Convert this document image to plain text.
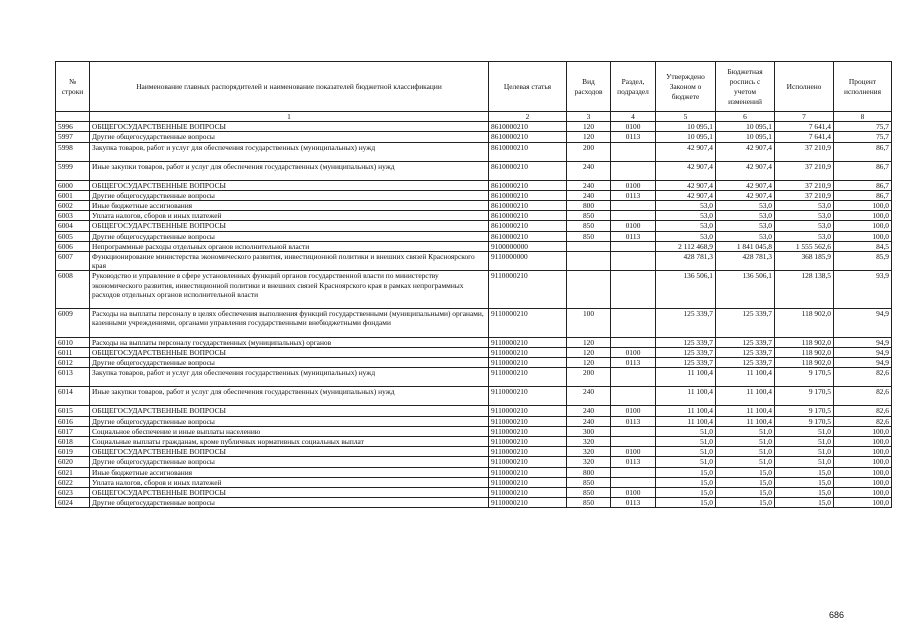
№ строки	Наименование главных распорядителей и наименование показателей бюджетной классификации	Целевая статья	Вид расходов	Раздел, подраздел	Утверждено Законом о бюджете	Бюджетная роспись с учетом изменений	Исполнено	Процент исполнения
	1	2	3	4	5	6	7	8
5996	ОБЩЕГОСУДАРСТВЕННЫЕ ВОПРОСЫ	8610000210	120	0100	10 095,1	10 095,1	7 641,4	75,7
5997	Другие общегосударственные вопросы	8610000210	120	0113	10 095,1	10 095,1	7 641,4	75,7
5998	Закупка товаров, работ и услуг для обеспечения государственных (муниципальных) нужд	8610000210	200		42 907,4	42 907,4	37 210,9	86,7
5999	Иные закупки товаров, работ и услуг для обеспечения государственных (муниципальных) нужд	8610000210	240		42 907,4	42 907,4	37 210,9	86,7
6000	ОБЩЕГОСУДАРСТВЕННЫЕ ВОПРОСЫ	8610000210	240	0100	42 907,4	42 907,4	37 210,9	86,7
6001	Другие общегосударственные вопросы	8610000210	240	0113	42 907,4	42 907,4	37 210,9	86,7
6002	Иные бюджетные ассигнования	8610000210	800		53,0	53,0	53,0	100,0
6003	Уплата налогов, сборов и иных платежей	8610000210	850		53,0	53,0	53,0	100,0
6004	ОБЩЕГОСУДАРСТВЕННЫЕ ВОПРОСЫ	8610000210	850	0100	53,0	53,0	53,0	100,0
6005	Другие общегосударственные вопросы	8610000210	850	0113	53,0	53,0	53,0	100,0
6006	Непрограммные расходы отдельных органов исполнительной власти	9100000000			2 112 468,9	1 841 045,8	1 555 562,6	84,5
6007	Функционирование министерства экономического развития, инвестиционной политики и внешних связей Красноярского края	9110000000			428 781,3	428 781,3	368 185,9	85,9
6008	Руководство и управление в сфере установленных функций органов государственной власти по министерству экономического развития, инвестиционной политики и внешних связей Красноярского края в рамках непрограммных расходов отдельных органов исполнительной власти	9110000210			136 506,1	136 506,1	128 138,5	93,9
6009	Расходы на выплаты персоналу в целях обеспечения выполнения функций государственными (муниципальными) органами, казенными учреждениями, органами управления государственными внебюджетными фондами	9110000210	100		125 339,7	125 339,7	118 902,0	94,9
6010	Расходы на выплаты персоналу государственных (муниципальных) органов	9110000210	120		125 339,7	125 339,7	118 902,0	94,9
6011	ОБЩЕГОСУДАРСТВЕННЫЕ ВОПРОСЫ	9110000210	120	0100	125 339,7	125 339,7	118 902,0	94,9
6012	Другие общегосударственные вопросы	9110000210	120	0113	125 339,7	125 339,7	118 902,0	94,9
6013	Закупка товаров, работ и услуг для обеспечения государственных (муниципальных) нужд	9110000210	200		11 100,4	11 100,4	9 170,5	82,6
6014	Иные закупки товаров, работ и услуг для обеспечения государственных (муниципальных) нужд	9110000210	240		11 100,4	11 100,4	9 170,5	82,6
6015	ОБЩЕГОСУДАРСТВЕННЫЕ ВОПРОСЫ	9110000210	240	0100	11 100,4	11 100,4	9 170,5	82,6
6016	Другие общегосударственные вопросы	9110000210	240	0113	11 100,4	11 100,4	9 170,5	82,6
6017	Социальное обеспечение и иные выплаты населению	9110000210	300		51,0	51,0	51,0	100,0
6018	Социальные выплаты гражданам, кроме публичных нормативных социальных выплат	9110000210	320		51,0	51,0	51,0	100,0
6019	ОБЩЕГОСУДАРСТВЕННЫЕ ВОПРОСЫ	9110000210	320	0100	51,0	51,0	51,0	100,0
6020	Другие общегосударственные вопросы	9110000210	320	0113	51,0	51,0	51,0	100,0
6021	Иные бюджетные ассигнования	9110000210	800		15,0	15,0	15,0	100,0
6022	Уплата налогов, сборов и иных платежей	9110000210	850		15,0	15,0	15,0	100,0
6023	ОБЩЕГОСУДАРСТВЕННЫЕ ВОПРОСЫ	9110000210	850	0100	15,0	15,0	15,0	100,0
6024	Другие общегосударственные вопросы	9110000210	850	0113	15,0	15,0	15,0	100,0
686
